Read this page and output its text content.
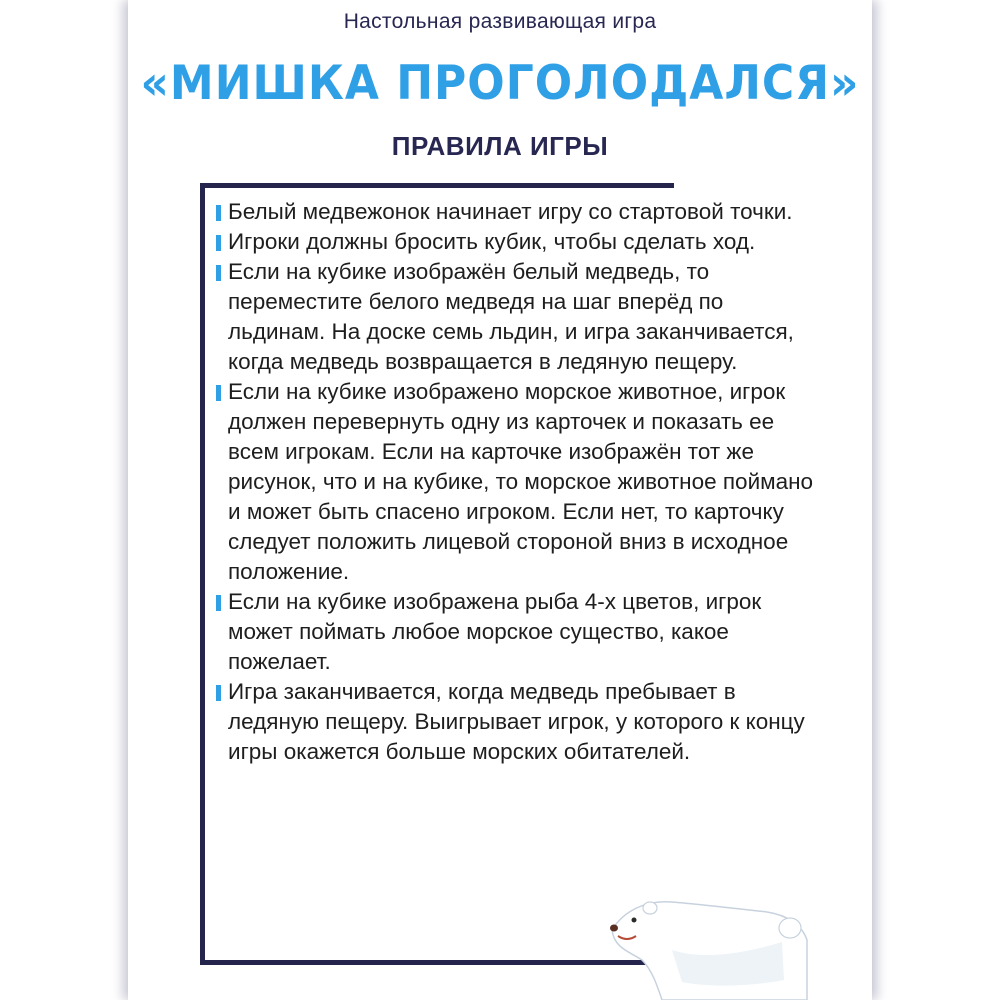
Настольная развивающая игра
«МИШКА ПРОГОЛОДАЛСЯ»
ПРАВИЛА ИГРЫ
Белый медвежонок начинает игру со стартовой точки.
Игроки должны бросить кубик, чтобы сделать ход.
Если на кубике изображён белый медведь, то переместите белого медведя на шаг вперёд по льдинам. На доске семь льдин, и игра заканчивается, когда медведь возвращается в ледяную пещеру.
Если на кубике изображено морское животное, игрок должен перевернуть одну из карточек и показать ее всем игрокам. Если на карточке изображён тот же рисунок, что и на кубике, то морское животное поймано и может быть спасено игроком. Если нет, то карточку следует положить лицевой стороной вниз в исходное положение.
Если на кубике изображена рыба 4-х цветов, игрок может поймать любое морское существо, какое пожелает.
Игра заканчивается, когда медведь пребывает в ледяную пещеру. Выигрывает игрок, у которого к концу игры окажется больше морских обитателей.
